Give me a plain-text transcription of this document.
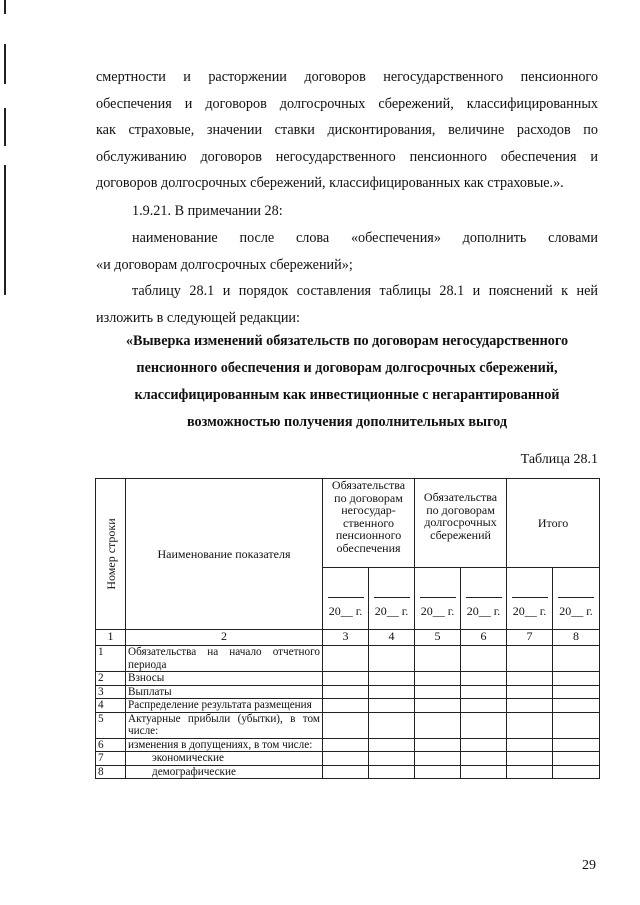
смертности и расторжении договоров негосударственного пенсионного
обеспечения и договоров долгосрочных сбережений, классифицированных
как страховые, значении ставки дисконтирования, величине расходов по
обслуживанию договоров негосударственного пенсионного обеспечения и
договоров долгосрочных сбережений, классифицированных как страховые.».
1.9.21. В примечании 28:
наименование после слова «обеспечения» дополнить словами
«и договорам долгосрочных сбережений»;
таблицу 28.1 и порядок составления таблицы 28.1 и пояснений к ней
изложить в следующей редакции:
«Выверка изменений обязательств по договорам негосударственного
пенсионного обеспечения и договорам долгосрочных сбережений,
классифицированным как инвестиционные с негарантированной
возможностью получения дополнительных выгод
Таблица 28.1
Номер строки	Наименование показателя	Обязательства по договорам негосудар-ственного пенсионного обеспечения		Обязательства по договорам долгосрочных сбережений		Итого	

20__ г.	20__ г.	20__ г.	20__ г.	20__ г.	20__ г.
1	2	3	4	5	6	7	8
1	Обязательства на начало отчетного периода						
2	Взносы						
3	Выплаты						
4	Распределение результата размещения						
5	Актуарные прибыли (убытки), в том числе:						
6	изменения в допущениях, в том числе:						
7	экономические						
8	демографические						
29
